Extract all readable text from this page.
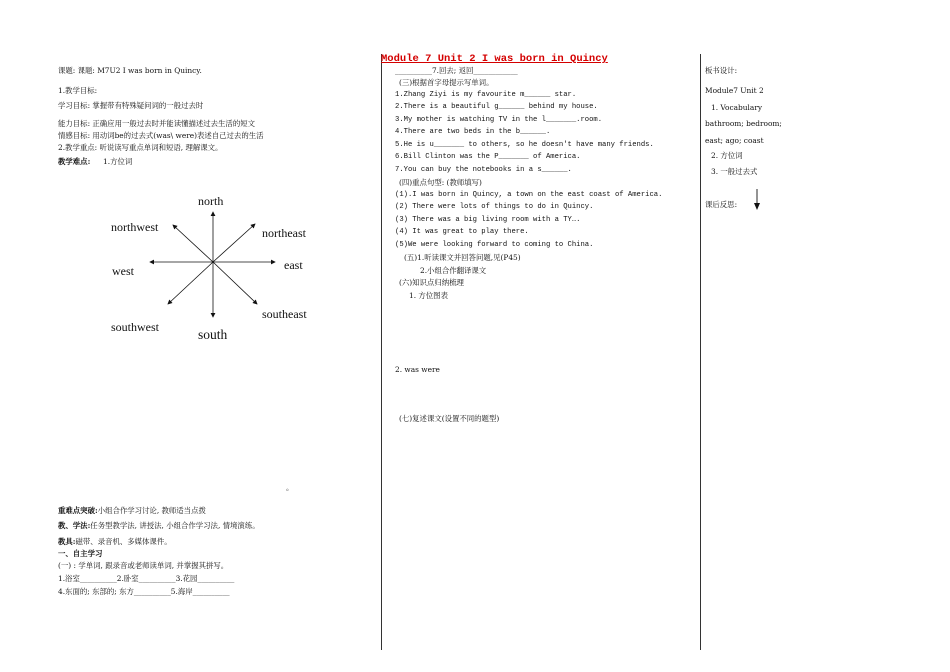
Module 7 Unit 2 I was born in Quincy
课题: 课题: M7U2 I was born in Quincy.
1.教学目标:
学习目标: 掌握带有特殊疑问词的一般过去时
能力目标: 正确应用一般过去时并能读懂描述过去生活的短文
情感目标: 用动词be的过去式(was\ were)表述自己过去的生活
2.教学重点: 听说读写重点单词和短语, 理解课文。
教学难点: 1.方位词
north
northwest	northeast
west	east
southwest
southeast
south
。
重难点突破:小组合作学习讨论, 教师适当点拨
教、学法:任务型教学法, 讲授法, 小组合作学习法, 情境演练。
教具:磁带、录音机、多媒体课件。
一、自主学习
(一) : 学单词, 跟录音或老师读单词, 并掌握其拼写。
1.浴室__________2.卧室__________3.花园__________
4.东面的; 东部的; 东方__________5.海岸__________
__________7.回去; 返回____________
(三)根据首字母提示写单词。
1.Zhang Ziyi is my favourite m______ star.
2.There is a beautiful g______ behind my house.
3.My mother is watching TV in the l_______.room.
4.There are two beds in the b______.
5.He is u_______ to others, so he doesn't have many friends.
6.Bill Clinton was the P_______ of America.
7.You can buy the notebooks in a s______.
(四)重点句型: (教师填写)
(1).I was born in Quincy, a town on the east coast of America.
(2) There were lots of things to do in Quincy.
(3) There was a big living room with a TY….
(4) It was great to play there.
(5)We were looking forward to coming to China.
(五)1.听读课文并回答问题,见(P45)
2.小组合作翻译课文
(六)知识点归纳梳理
1. 方位图表
2. was were
(七)复述课文(设置不同的题型)
板书设计:
Module7 Unit 2
1. Vocabulary
bathroom; bedroom;
east; ago; coast
2. 方位词
3. 一般过去式
课后反思:
